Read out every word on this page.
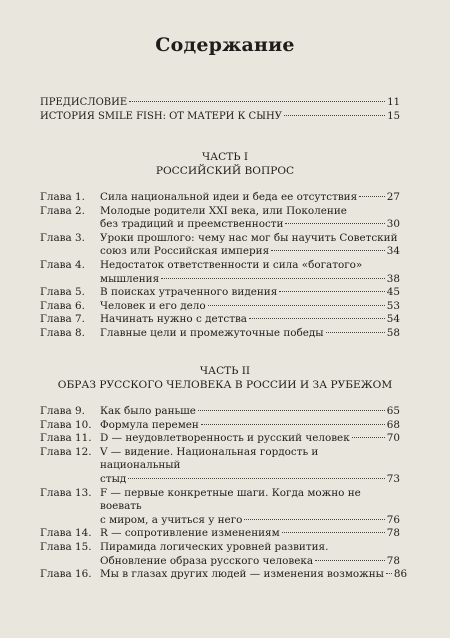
Содержание
ПРЕДИСЛОВИЕ	11
ИСТОРИЯ SMILE FISH: ОТ МАТЕРИ К СЫНУ	15
ЧАСТЬ I
РОССИЙСКИЙ ВОПРОС
Глава 1.	Сила национальной идеи и беда ее отсутствия	27
Глава 2.	Молодые родители XXI века, или Поколение
без традиций и преемственности	30
Глава 3.	Уроки прошлого: чему нас мог бы научить Советский
союз или Российская империя	34
Глава 4.	Недостаток ответственности и сила «богатого»
мышления	38
Глава 5.	В поисках утраченного видения	45
Глава 6.	Человек и его дело	53
Глава 7.	Начинать нужно с детства	54
Глава 8.	Главные цели и промежуточные победы	58
ЧАСТЬ II
ОБРАЗ РУССКОГО ЧЕЛОВЕКА В РОССИИ И ЗА РУБЕЖОМ
Глава 9.	Как было раньше	65
Глава 10. Формула перемен	68
Глава 11. D — неудовлетворенность и русский человек	70
Глава 12. V — видение. Национальная гордость и национальный
стыд	73
Глава 13. F — первые конкретные шаги. Когда можно не воевать
с миром, а учиться у него	76
Глава 14. R — сопротивление изменениям	78
Глава 15. Пирамида логических уровней развития.
Обновление образа русского человека	78
Глава 16. Мы в глазах других людей — изменения возможны 86
